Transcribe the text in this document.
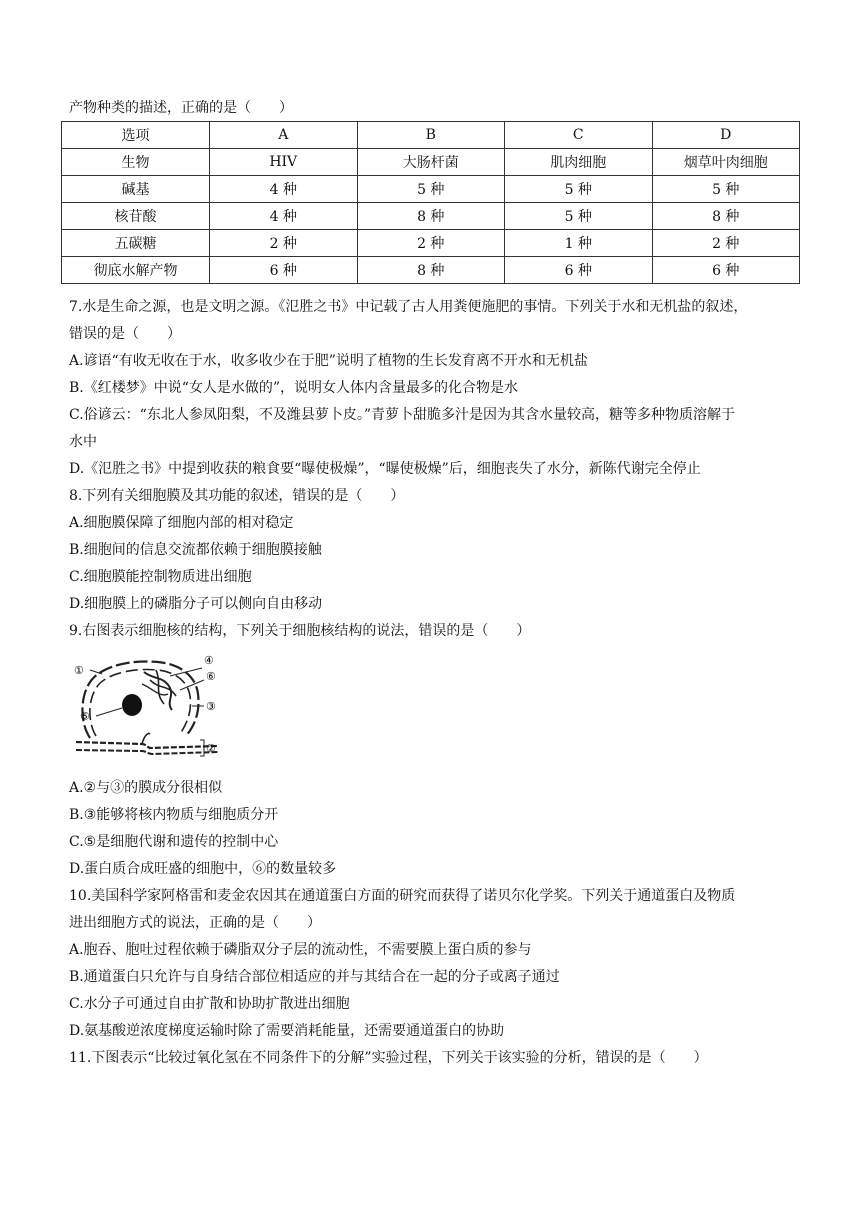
产物种类的描述，正确的是（　　）
选项	A	B	C	D
生物	HIV	大肠杆菌	肌肉细胞	烟草叶肉细胞
碱基	4 种	5 种	5 种	5 种
核苷酸	4 种	8 种	5 种	8 种
五碳糖	2 种	2 种	1 种	2 种
彻底水解产物	6 种	8 种	6 种	6 种
7.水是生命之源，也是文明之源。《氾胜之书》中记载了古人用粪便施肥的事情。下列关于水和无机盐的叙述，
错误的是（　　）
A.谚语“有收无收在于水，收多收少在于肥”说明了植物的生长发育离不开水和无机盐
B.《红楼梦》中说“女人是水做的”，说明女人体内含量最多的化合物是水
C.俗谚云：“东北人参凤阳梨，不及潍县萝卜皮。”青萝卜甜脆多汁是因为其含水量较高，糖等多种物质溶解于
水中
D.《氾胜之书》中提到收获的粮食要“曝使极燥”，“曝使极燥”后，细胞丧失了水分，新陈代谢完全停止
8.下列有关细胞膜及其功能的叙述，错误的是（　　）
A.细胞膜保障了细胞内部的相对稳定
B.细胞间的信息交流都依赖于细胞膜接触
C.细胞膜能控制物质进出细胞
D.细胞膜上的磷脂分子可以侧向自由移动
9.右图表示细胞核的结构，下列关于细胞核结构的说法，错误的是（　　）
①
②
③
④
⑤
⑥
A.②与③的膜成分很相似
B.③能够将核内物质与细胞质分开
C.⑤是细胞代谢和遗传的控制中心
D.蛋白质合成旺盛的细胞中，⑥的数量较多
10.美国科学家阿格雷和麦金农因其在通道蛋白方面的研究而获得了诺贝尔化学奖。下列关于通道蛋白及物质
进出细胞方式的说法，正确的是（　　）
A.胞吞、胞吐过程依赖于磷脂双分子层的流动性，不需要膜上蛋白质的参与
B.通道蛋白只允许与自身结合部位相适应的并与其结合在一起的分子或离子通过
C.水分子可通过自由扩散和协助扩散进出细胞
D.氨基酸逆浓度梯度运输时除了需要消耗能量，还需要通道蛋白的协助
11.下图表示“比较过氧化氢在不同条件下的分解”实验过程，下列关于该实验的分析，错误的是（　　）
